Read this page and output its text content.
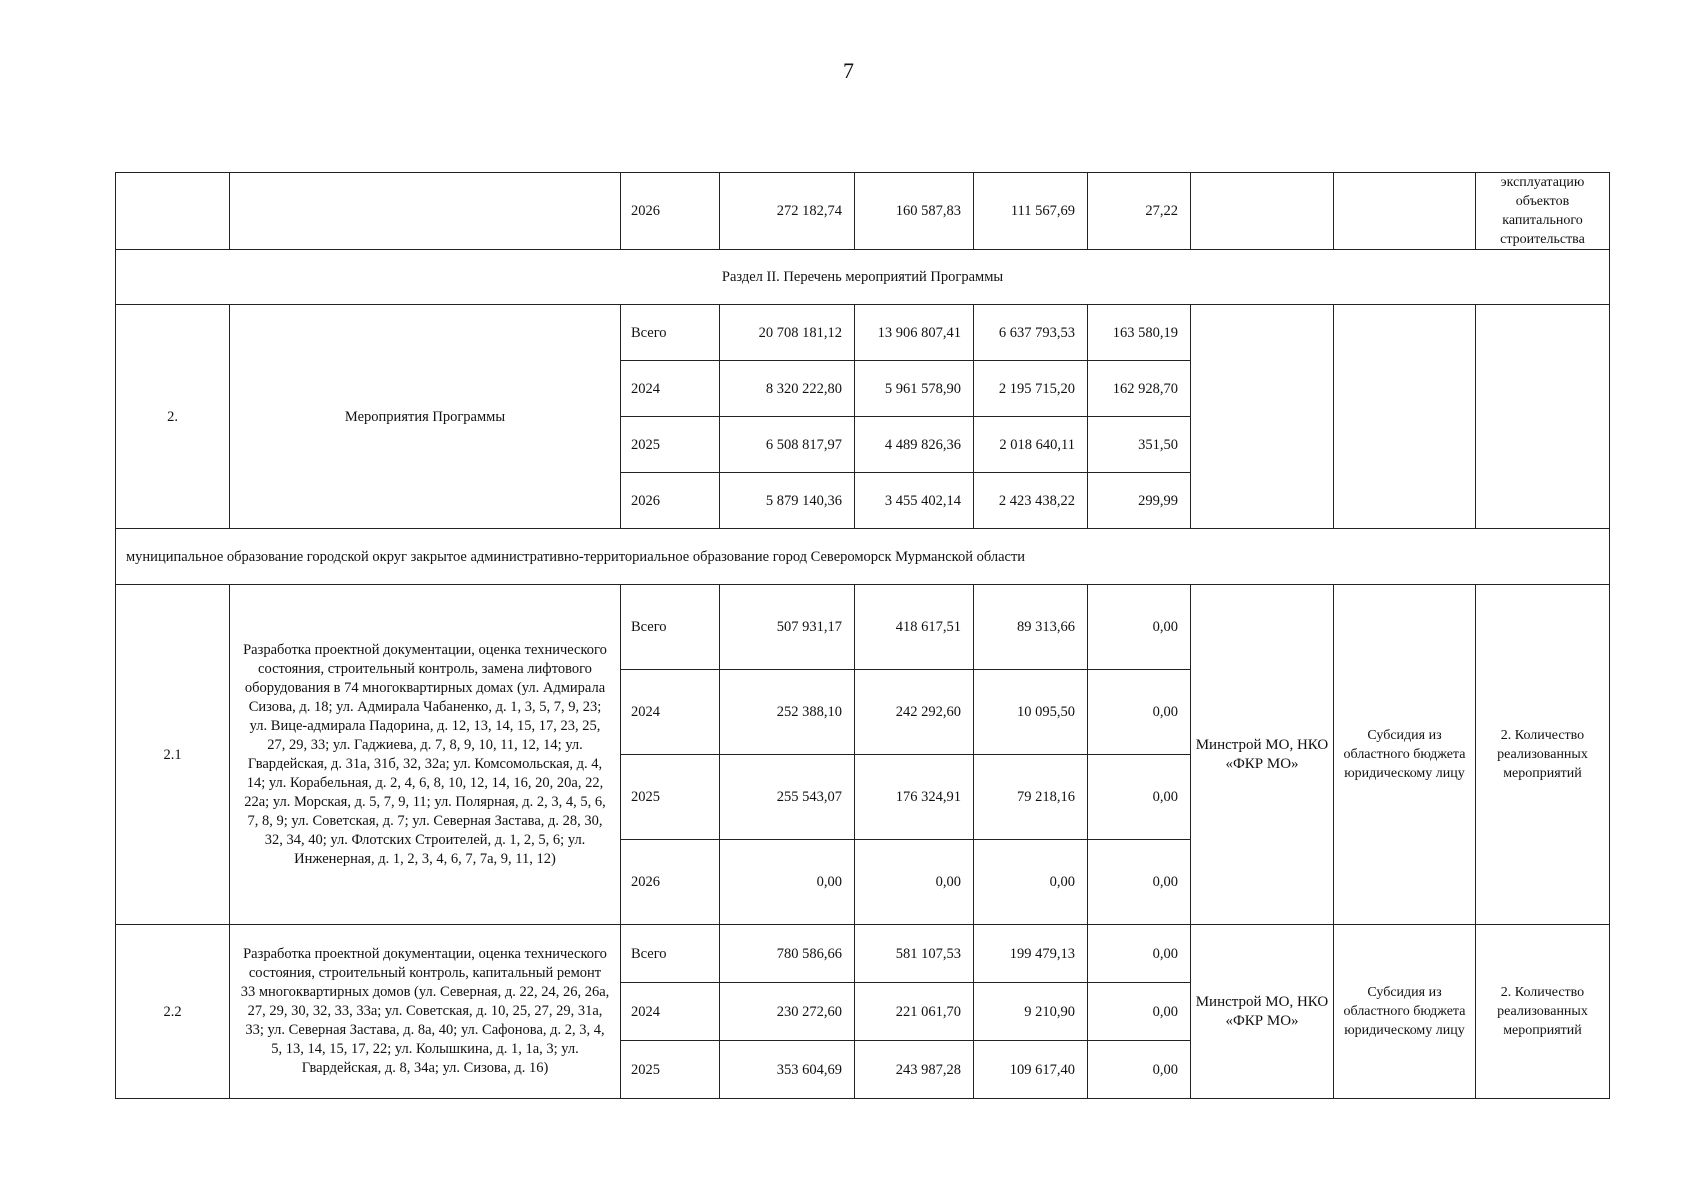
7
		2026	272 182,74	160 587,83	111 567,69	27,22			эксплуатацию объектов капитального строительства
Раздел II. Перечень мероприятий Программы									
2.	Мероприятия Программы	Всего	20 708 181,12	13 906 807,41	6 637 793,53	163 580,19			
		2024	8 320 222,80	5 961 578,90	2 195 715,20	162 928,70			
		2025	6 508 817,97	4 489 826,36	2 018 640,11	351,50			
		2026	5 879 140,36	3 455 402,14	2 423 438,22	299,99			
муниципальное образование городской округ закрытое административно-территориальное образование город Североморск Мурманской области									
2.1	Разработка проектной документации, оценка технического состояния, строительный контроль, замена лифтового оборудования в 74 многоквартирных домах (ул. Адмирала Сизова, д. 18; ул. Адмирала Чабаненко, д. 1, 3, 5, 7, 9, 23; ул. Вице-адмирала Падорина, д. 12, 13, 14, 15, 17, 23, 25, 27, 29, 33; ул. Гаджиева, д. 7, 8, 9, 10, 11, 12, 14; ул. Гвардейская, д. 31а, 31б, 32, 32а; ул. Комсомольская, д. 4, 14; ул. Корабельная, д. 2, 4, 6, 8, 10, 12, 14, 16, 20, 20а, 22, 22а; ул. Морская, д. 5, 7, 9, 11; ул. Полярная, д. 2, 3, 4, 5, 6, 7, 8, 9; ул. Советская, д. 7; ул. Северная Застава, д. 28, 30, 32, 34, 40; ул. Флотских Строителей, д. 1, 2, 5, 6; ул. Инженерная, д. 1, 2, 3, 4, 6, 7, 7а, 9, 11, 12)	Всего	507 931,17	418 617,51	89 313,66	0,00	Минстрой МО, НКО «ФКР МО»	Субсидия из областного бюджета юридическому лицу	2. Количество реализованных мероприятий
		2024	252 388,10	242 292,60	10 095,50	0,00			
		2025	255 543,07	176 324,91	79 218,16	0,00			
		2026	0,00	0,00	0,00	0,00			
2.2	Разработка проектной документации, оценка технического состояния, строительный контроль, капитальный ремонт 33 многоквартирных домов (ул. Северная, д. 22, 24, 26, 26а, 27, 29, 30, 32, 33, 33а; ул. Советская, д. 10, 25, 27, 29, 31а, 33; ул. Северная Застава, д. 8а, 40; ул. Сафонова, д. 2, 3, 4, 5, 13, 14, 15, 17, 22; ул. Колышкина, д. 1, 1а, 3; ул. Гвардейская, д. 8, 34а; ул. Сизова, д. 16)	Всего	780 586,66	581 107,53	199 479,13	0,00	Минстрой МО, НКО «ФКР МО»	Субсидия из областного бюджета юридическому лицу	2. Количество реализованных мероприятий
		2024	230 272,60	221 061,70	9 210,90	0,00			
		2025	353 604,69	243 987,28	109 617,40	0,00			
